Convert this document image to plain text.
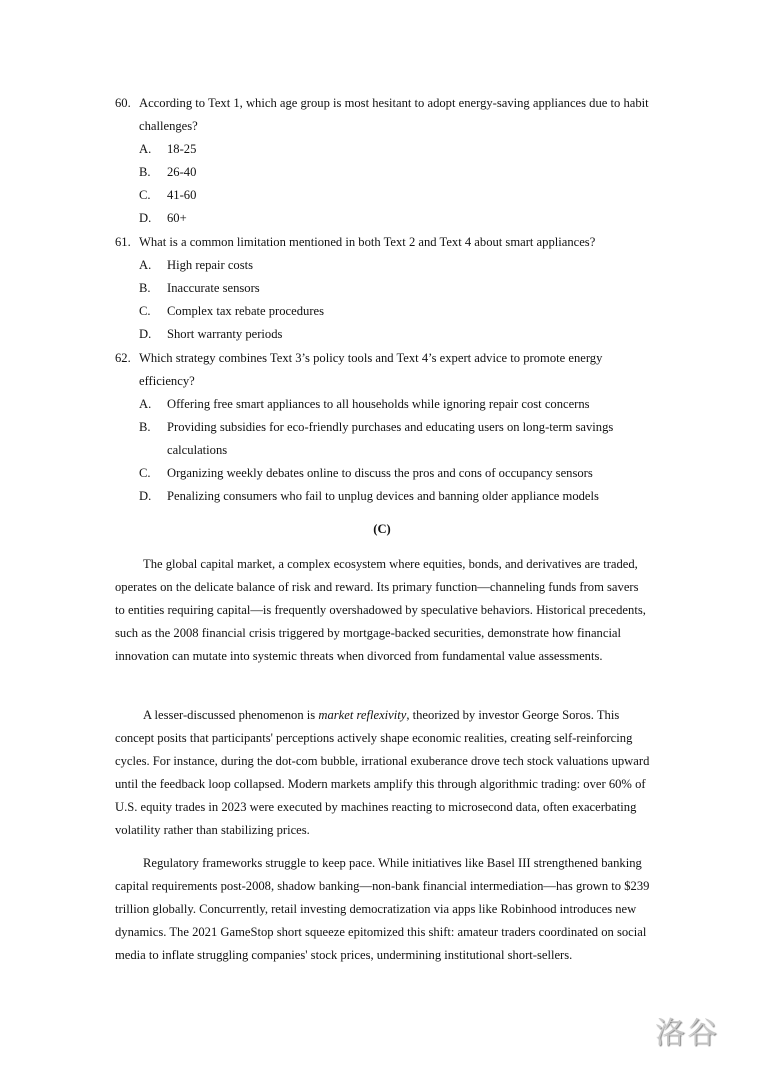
60. According to Text 1, which age group is most hesitant to adopt energy-saving appliances due to habit challenges?
A. 18-25
B. 26-40
C. 41-60
D. 60+
61. What is a common limitation mentioned in both Text 2 and Text 4 about smart appliances?
A. High repair costs
B. Inaccurate sensors
C. Complex tax rebate procedures
D. Short warranty periods
62. Which strategy combines Text 3’s policy tools and Text 4’s expert advice to promote energy efficiency?
A. Offering free smart appliances to all households while ignoring repair cost concerns
B. Providing subsidies for eco-friendly purchases and educating users on long-term savings calculations
C. Organizing weekly debates online to discuss the pros and cons of occupancy sensors
D. Penalizing consumers who fail to unplug devices and banning older appliance models
(C)

The global capital market, a complex ecosystem where equities, bonds, and derivatives are traded, operates on the delicate balance of risk and reward. Its primary function—channeling funds from savers to entities requiring capital—is frequently overshadowed by speculative behaviors. Historical precedents, such as the 2008 financial crisis triggered by mortgage-backed securities, demonstrate how financial innovation can mutate into systemic threats when divorced from fundamental value assessments.

A lesser-discussed phenomenon is market reflexivity, theorized by investor George Soros. This concept posits that participants' perceptions actively shape economic realities, creating self-reinforcing cycles. For instance, during the dot-com bubble, irrational exuberance drove tech stock valuations upward until the feedback loop collapsed. Modern markets amplify this through algorithmic trading: over 60% of U.S. equity trades in 2023 were executed by machines reacting to microsecond data, often exacerbating volatility rather than stabilizing prices.

Regulatory frameworks struggle to keep pace. While initiatives like Basel III strengthened banking capital requirements post-2008, shadow banking—non-bank financial intermediation—has grown to $239 trillion globally. Concurrently, retail investing democratization via apps like Robinhood introduces new dynamics. The 2021 GameStop short squeeze epitomized this shift: amateur traders coordinated on social media to inflate struggling companies' stock prices, undermining institutional short-sellers.

洛谷
